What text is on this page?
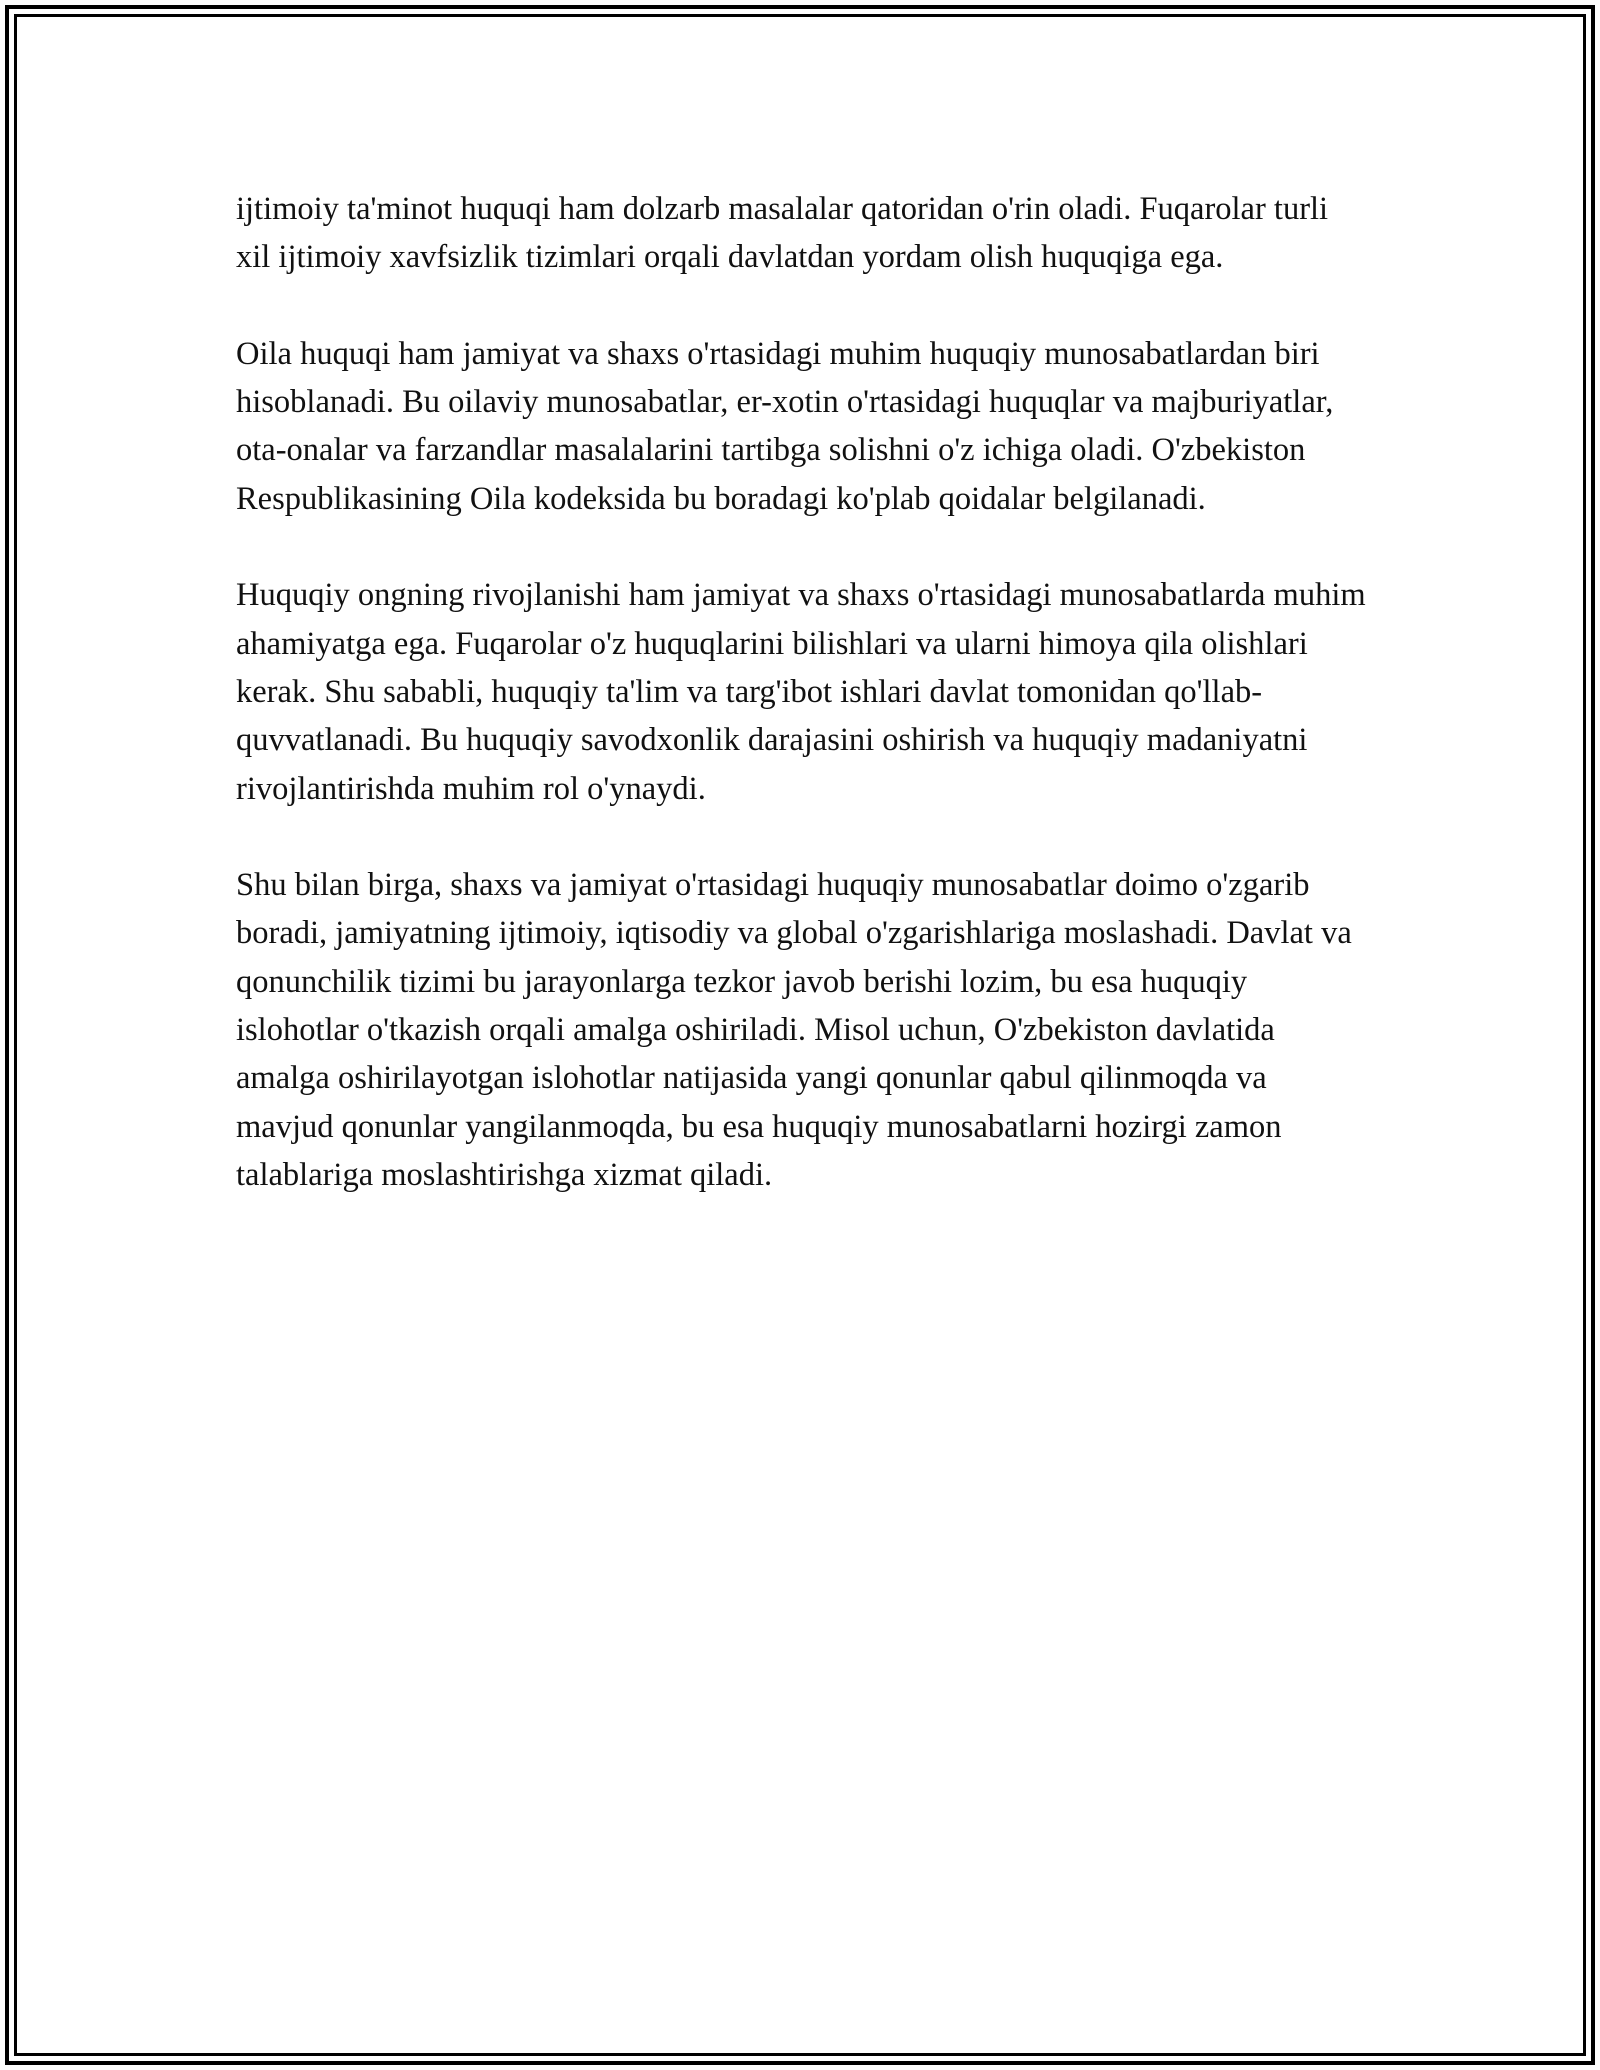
ijtimoiy ta'minot huquqi ham dolzarb masalalar qatoridan o'rin oladi. Fuqarolar turli xil ijtimoiy xavfsizlik tizimlari orqali davlatdan yordam olish huquqiga ega.

Oila huquqi ham jamiyat va shaxs o'rtasidagi muhim huquqiy munosabatlardan biri hisoblanadi. Bu oilaviy munosabatlar, er-xotin o'rtasidagi huquqlar va majburiyatlar, ota-onalar va farzandlar masalalarini tartibga solishni o'z ichiga oladi. O'zbekiston Respublikasining Oila kodeksida bu boradagi ko'plab qoidalar belgilanadi.

Huquqiy ongning rivojlanishi ham jamiyat va shaxs o'rtasidagi munosabatlarda muhim ahamiyatga ega. Fuqarolar o'z huquqlarini bilishlari va ularni himoya qila olishlari kerak. Shu sababli, huquqiy ta'lim va targ'ibot ishlari davlat tomonidan qo'llab-quvvatlanadi. Bu huquqiy savodxonlik darajasini oshirish va huquqiy madaniyatni rivojlantirishda muhim rol o'ynaydi.

Shu bilan birga, shaxs va jamiyat o'rtasidagi huquqiy munosabatlar doimo o'zgarib boradi, jamiyatning ijtimoiy, iqtisodiy va global o'zgarishlariga moslashadi. Davlat va qonunchilik tizimi bu jarayonlarga tezkor javob berishi lozim, bu esa huquqiy islohotlar o'tkazish orqali amalga oshiriladi. Misol uchun, O'zbekiston davlatida amalga oshirilayotgan islohotlar natijasida yangi qonunlar qabul qilinmoqda va mavjud qonunlar yangilanmoqda, bu esa huquqiy munosabatlarni hozirgi zamon talablariga moslashtirishga xizmat qiladi.
